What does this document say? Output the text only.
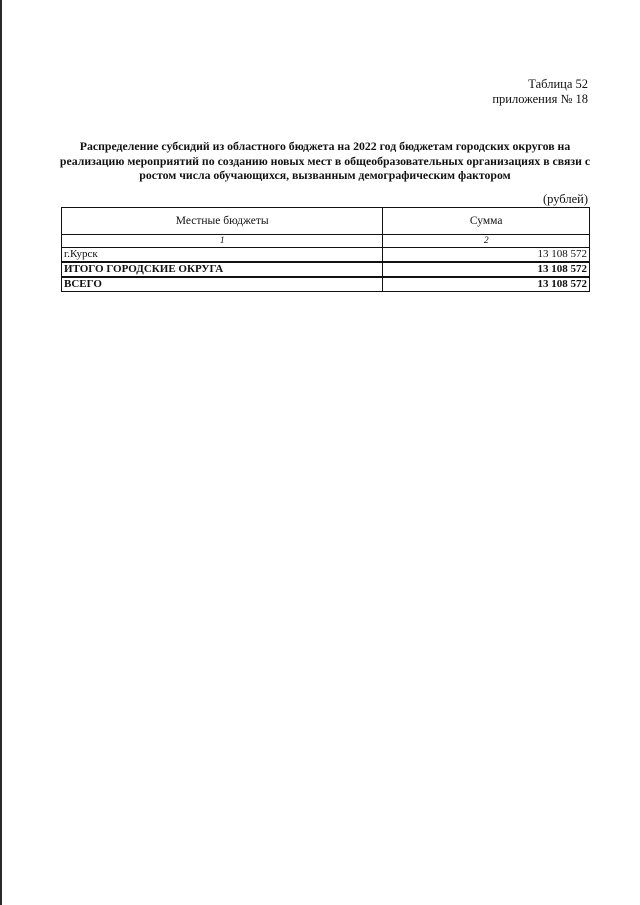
Таблица 52
приложения № 18
Распределение субсидий из областного бюджета на 2022 год бюджетам городских округов на
реализацию мероприятий по созданию новых мест в общеобразовательных организациях в связи с
ростом числа обучающихся, вызванным демографическим фактором
(рублей)
Местные бюджеты	Сумма
1	2
г.Курск	13 108 572
ИТОГО ГОРОДСКИЕ ОКРУГА	13 108 572
ВСЕГО	13 108 572
